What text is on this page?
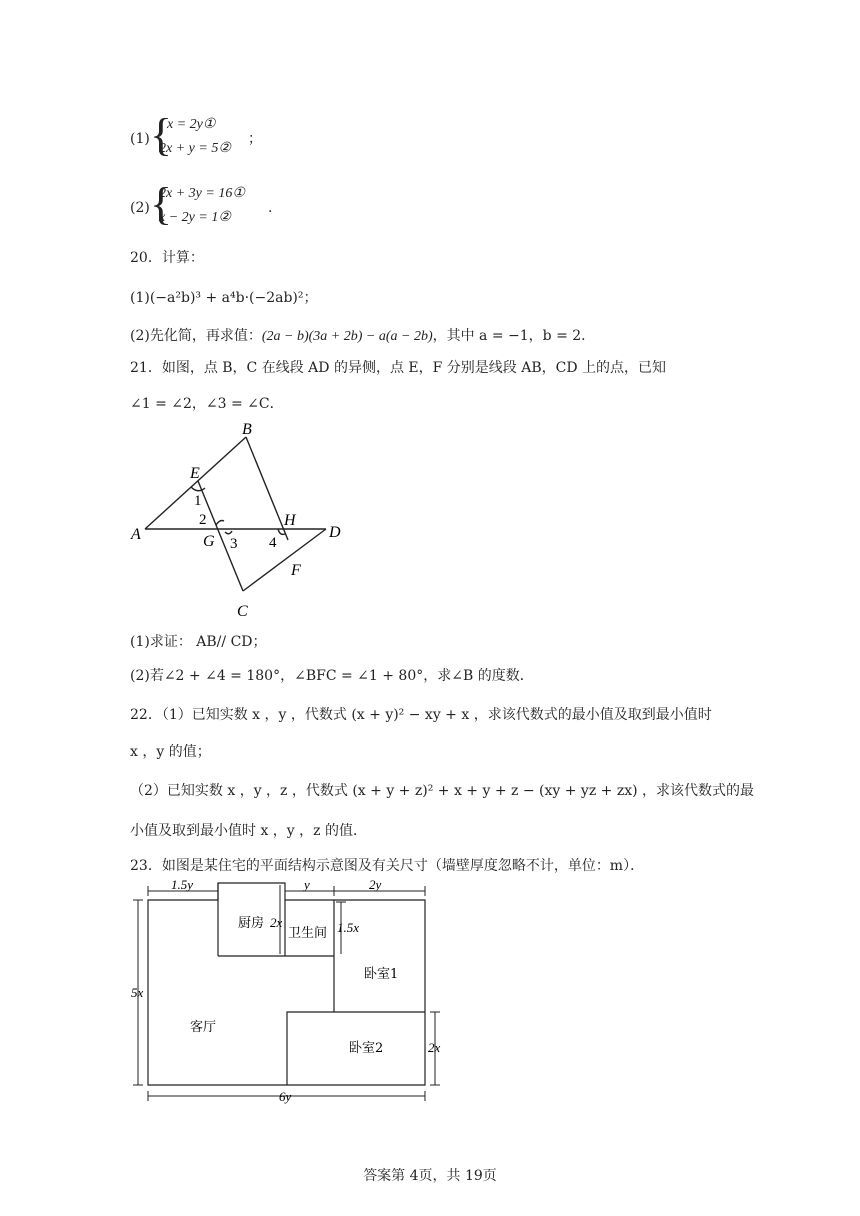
(1) {
x = 2y①
2x + y = 5②
；
(2) {
2x + 3y = 16①
x − 2y = 1②
.
20．计算：
(1)(−a²b)³ + a⁴b·(−2ab)²；
(2)先化简，再求值：(2a − b)(3a + 2b) − a(a − 2b)，其中 a = −1，b = 2．
21．如图，点 B，C 在线段 AD 的异侧，点 E，F 分别是线段 AB，CD 上的点，已知
∠1 = ∠2，∠3 = ∠C．
A
B
C
D
E
F
G
H
1
2
3 4
(1)求证： AB// CD；
(2)若∠2 + ∠4 = 180°，∠BFC = ∠1 + 80°，求∠B 的度数．
22．（1）已知实数 x ，y ，代数式 (x + y)² − xy + x ，求该代数式的最小值及取到最小值时
x ，y 的值；
（2）已知实数 x ，y ，z ，代数式 (x + y + z)² + x + y + z − (xy + yz + zx) ，求该代数式的最
小值及取到最小值时 x ，y ，z 的值．
23．如图是某住宅的平面结构示意图及有关尺寸（墙壁厚度忽略不计，单位：m）．
1.5y	y	2y
2x	1.5x
5x
2x
6y
厨房
卫生间
卧室1
客厅
卧室2
答案第 4页，共 19页
